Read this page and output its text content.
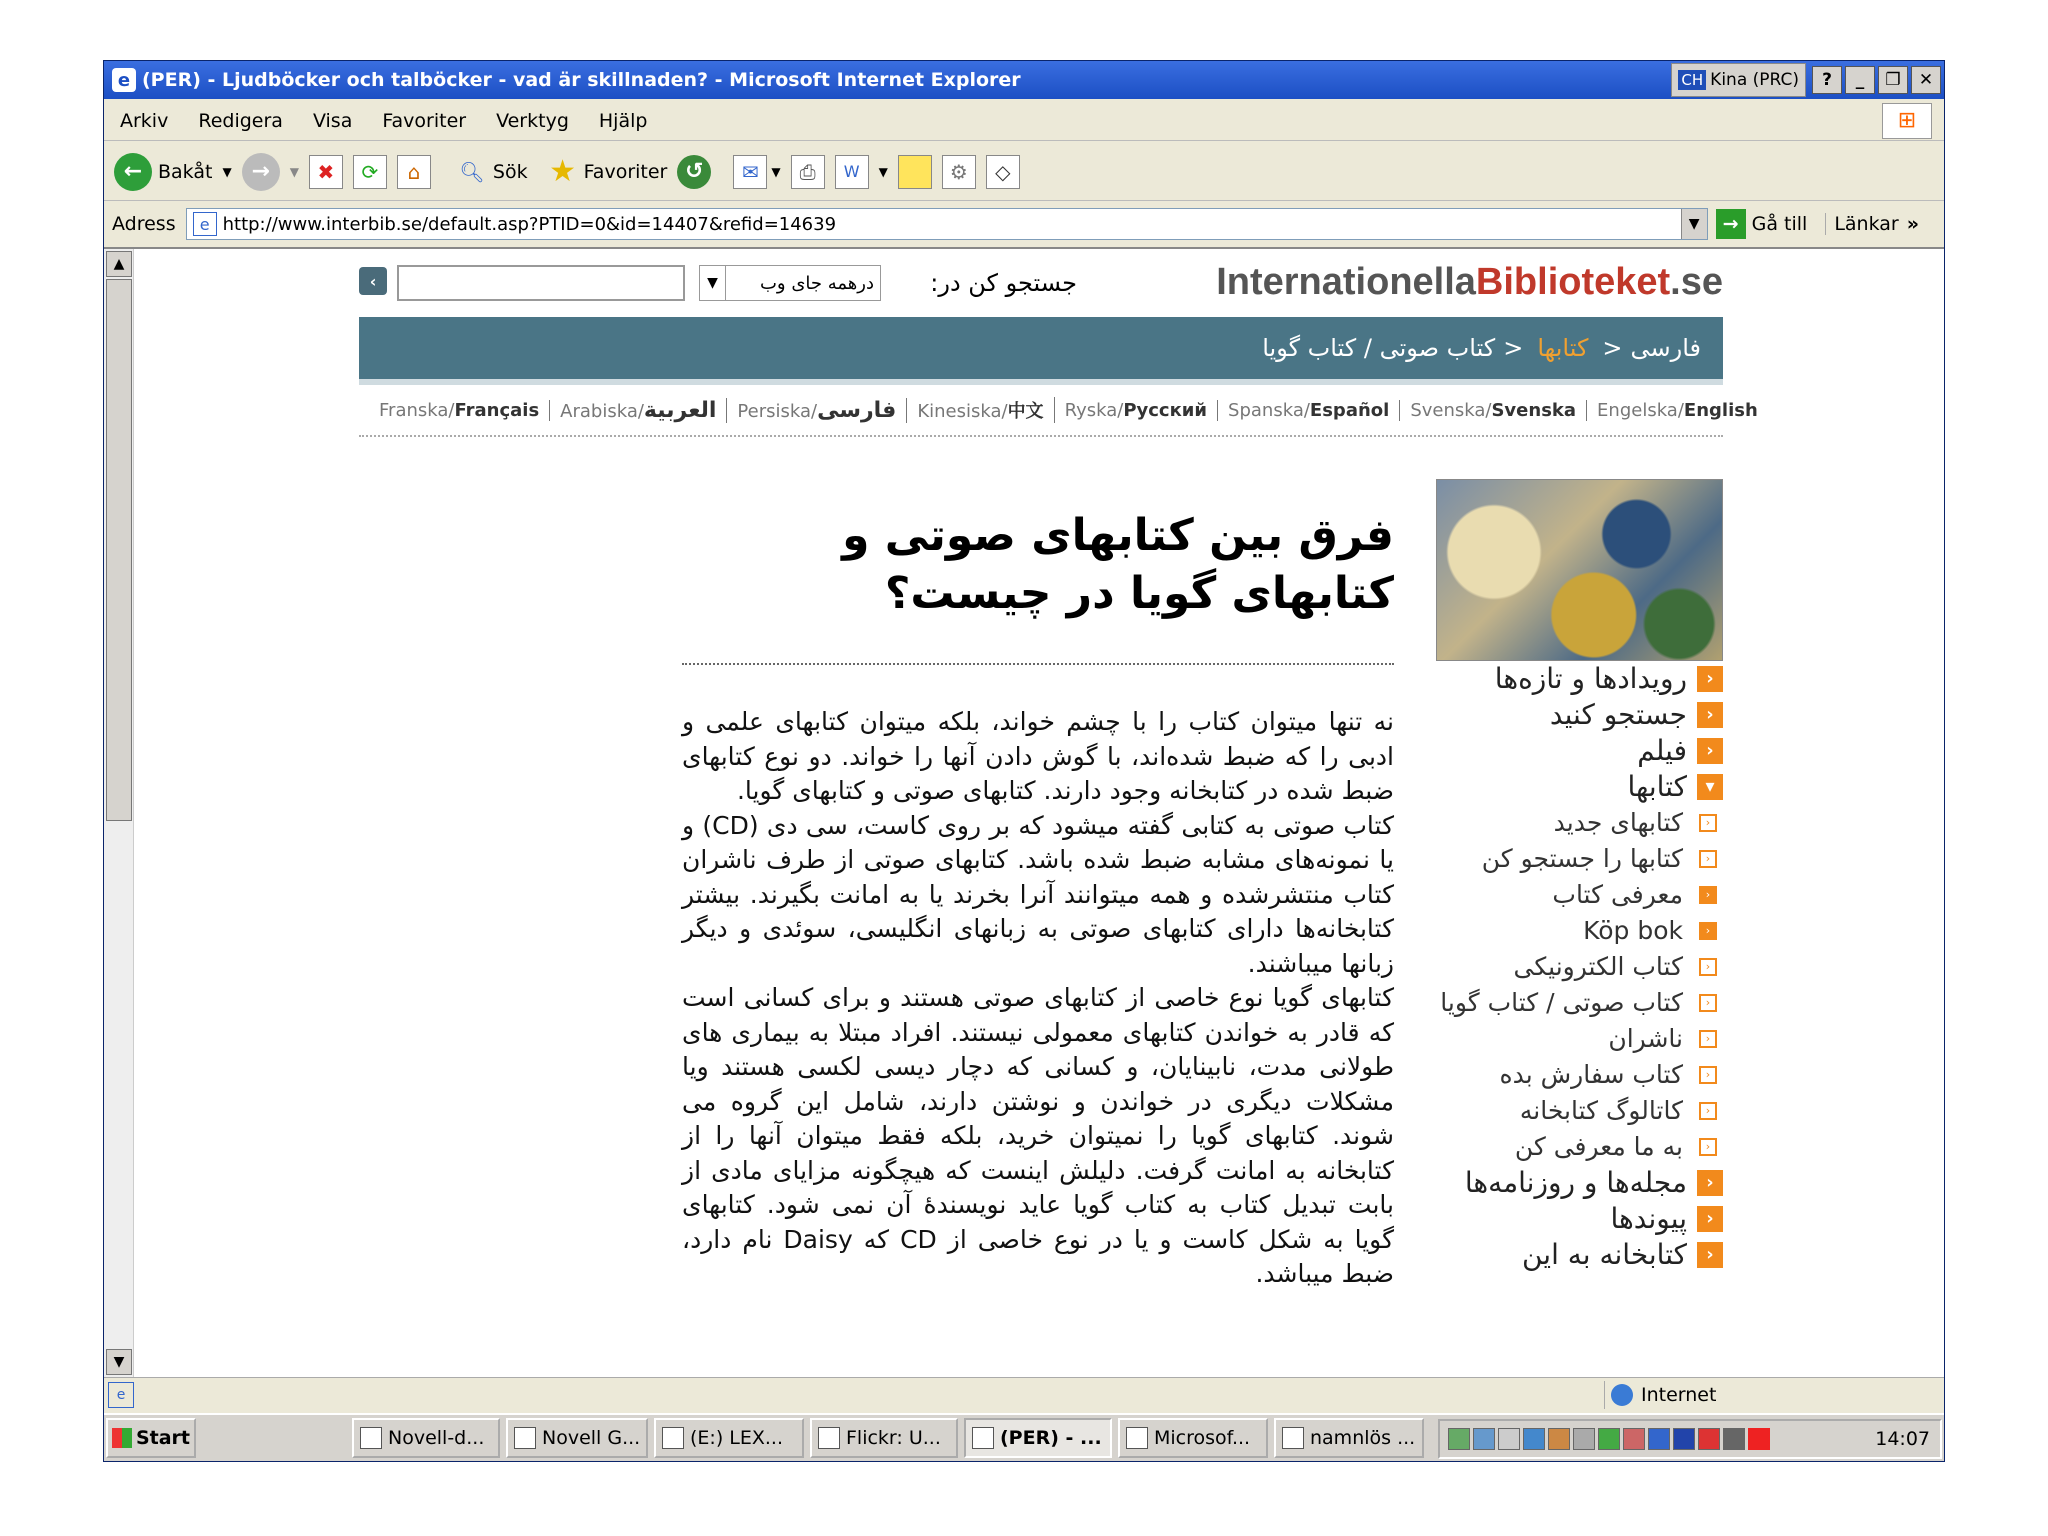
e (PER) - Ljudböcker och talböcker - vad är skillnaden? - Microsoft Internet Explorer	CH Kina (PRC)	?	_	❐	✕
Arkiv Redigera Visa Favoriter Verktyg Hjälp	⊞
← Bakåt ▼ →	▼ ✖	⟳	⌂	🔍︎ Sök ★ Favoriter ↺	✉	▼ ⎙	W	▼	⚙	◇
Adress	e http://www.interbib.se/default.asp?PTID=0&id=14407&refid=14639	▼	→ Gå till	Länkar »
▲
▼
‹	▼	درهمه جای وب	جستجو کن در:	InternationellaBiblioteket.se
فارسی
<
کتابها
<
کتاب صوتی / کتاب گویا
Franska/Français	Arabiska/العربية	Persiska/فارسی	Kinesiska/中文	Ryska/Русский	Spanska/Español	Svenska/Svenska	Engelska/English
فرق بین کتابهای صوتی و کتابهای گویا در چیست؟

نه تنها میتوان کتاب را با چشم خواند، بلکه میتوان کتابهای علمی و ادبی را که ضبط شده‌اند، با گوش دادن آنها را خواند. دو نوع کتابهای ضبط شده در کتابخانه وجود دارند. کتابهای صوتی و کتابهای گویا.

کتاب صوتی به کتابی گفته میشود که بر روی کاست، سی دی (CD) و یا نمونه‌های مشابه ضبط شده باشد. کتابهای صوتی از طرف ناشران کتاب منتشرشده و همه میتوانند آنرا بخرند یا به امانت بگیرند. بیشتر کتابخانه‌ها دارای کتابهای صوتی به زبانهای انگلیسی، سوئدی و دیگر زبانها میباشند.

کتابهای گویا نوع خاصی از کتابهای صوتی هستند و برای کسانی است که قادر به خواندن کتابهای معمولی نیستند. افراد مبتلا به بیماری های طولانی مدت، نابینایان، و کسانی که دچار دیسی لکسی هستند ویا مشکلات دیگری در خواندن و نوشتن دارند، شامل این گروه می شوند. کتابهای گویا را نمیتوان خرید، بلکه فقط میتوان آنها را از کتابخانه به امانت گرفت. دلیلش اینست که هیچگونه مزایای مادی از بابت تبدیل کتاب به کتاب گویا عاید نویسندهٔ آن نمی شود. کتابهای گویا به شکل کاست و یا در نوع خاصی از CD که Daisy نام دارد، ضبط میباشد.

‹
رویدادها و تازه‌ها
‹
جستجو کنید
‹
فیلم
▾
کتابها
‹
کتابهای جدید
‹
کتابها را جستجو کن
‹
معرفی کتاب
‹
Köp bok
‹
کتاب الکترونیکی
‹
کتاب صوتی / کتاب گویا
‹
ناشران
‹
کتاب سفارش بده
‹
کاتالوگ کتابخانه
‹
به ما معرفی کن
‹
مجله‌ها و روزنامه‌ها
‹
پیوندها
‹
کتابخانه به این
e	Internet
Start	Novell-d...	Novell G...	(E:) LEX...	Flickr: U...	(PER) - ...	Microsof...	namnlös ...	14:07
